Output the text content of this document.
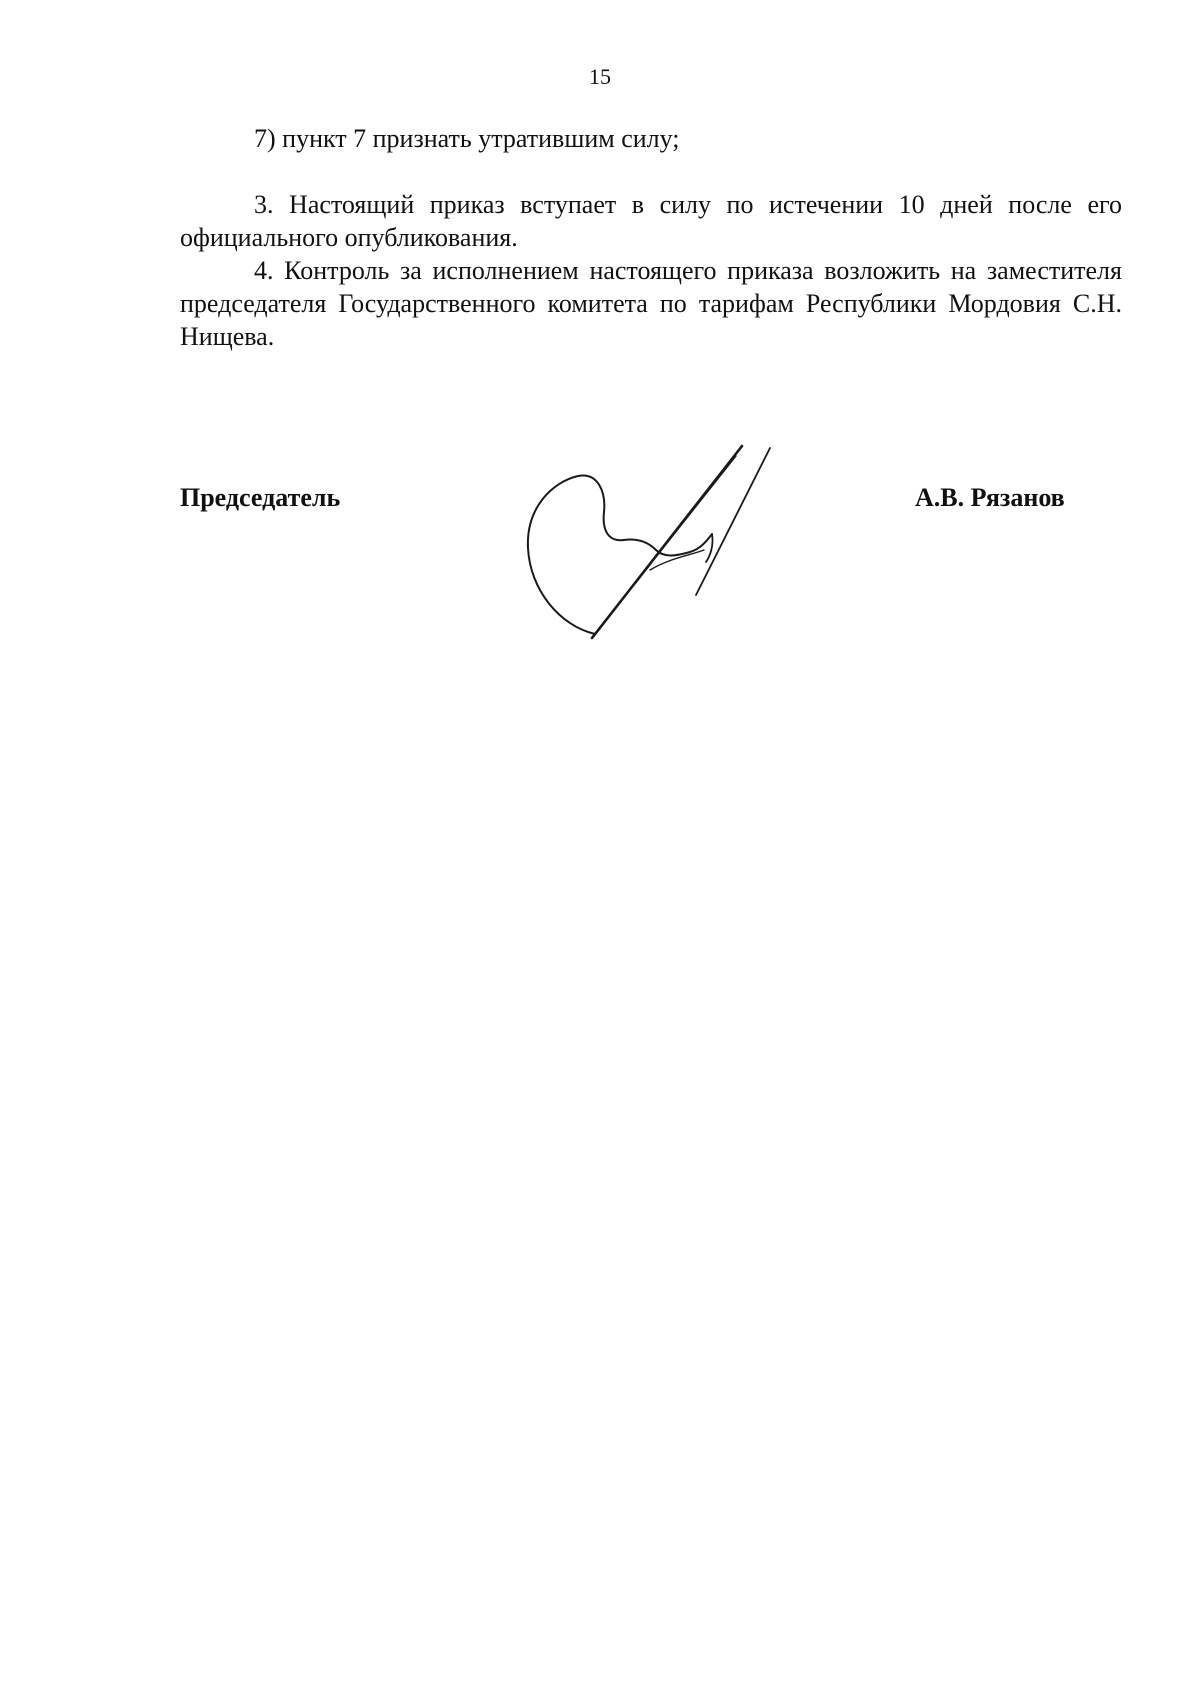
15

7) пункт 7 признать утратившим силу;

3. Настоящий приказ вступает в силу по истечении 10 дней после его официального опубликования.

4. Контроль за исполнением настоящего приказа возложить на заместителя председателя Государственного комитета по тарифам Республики Мордовия С.Н. Нищева.

Председатель	А.В. Рязанов
